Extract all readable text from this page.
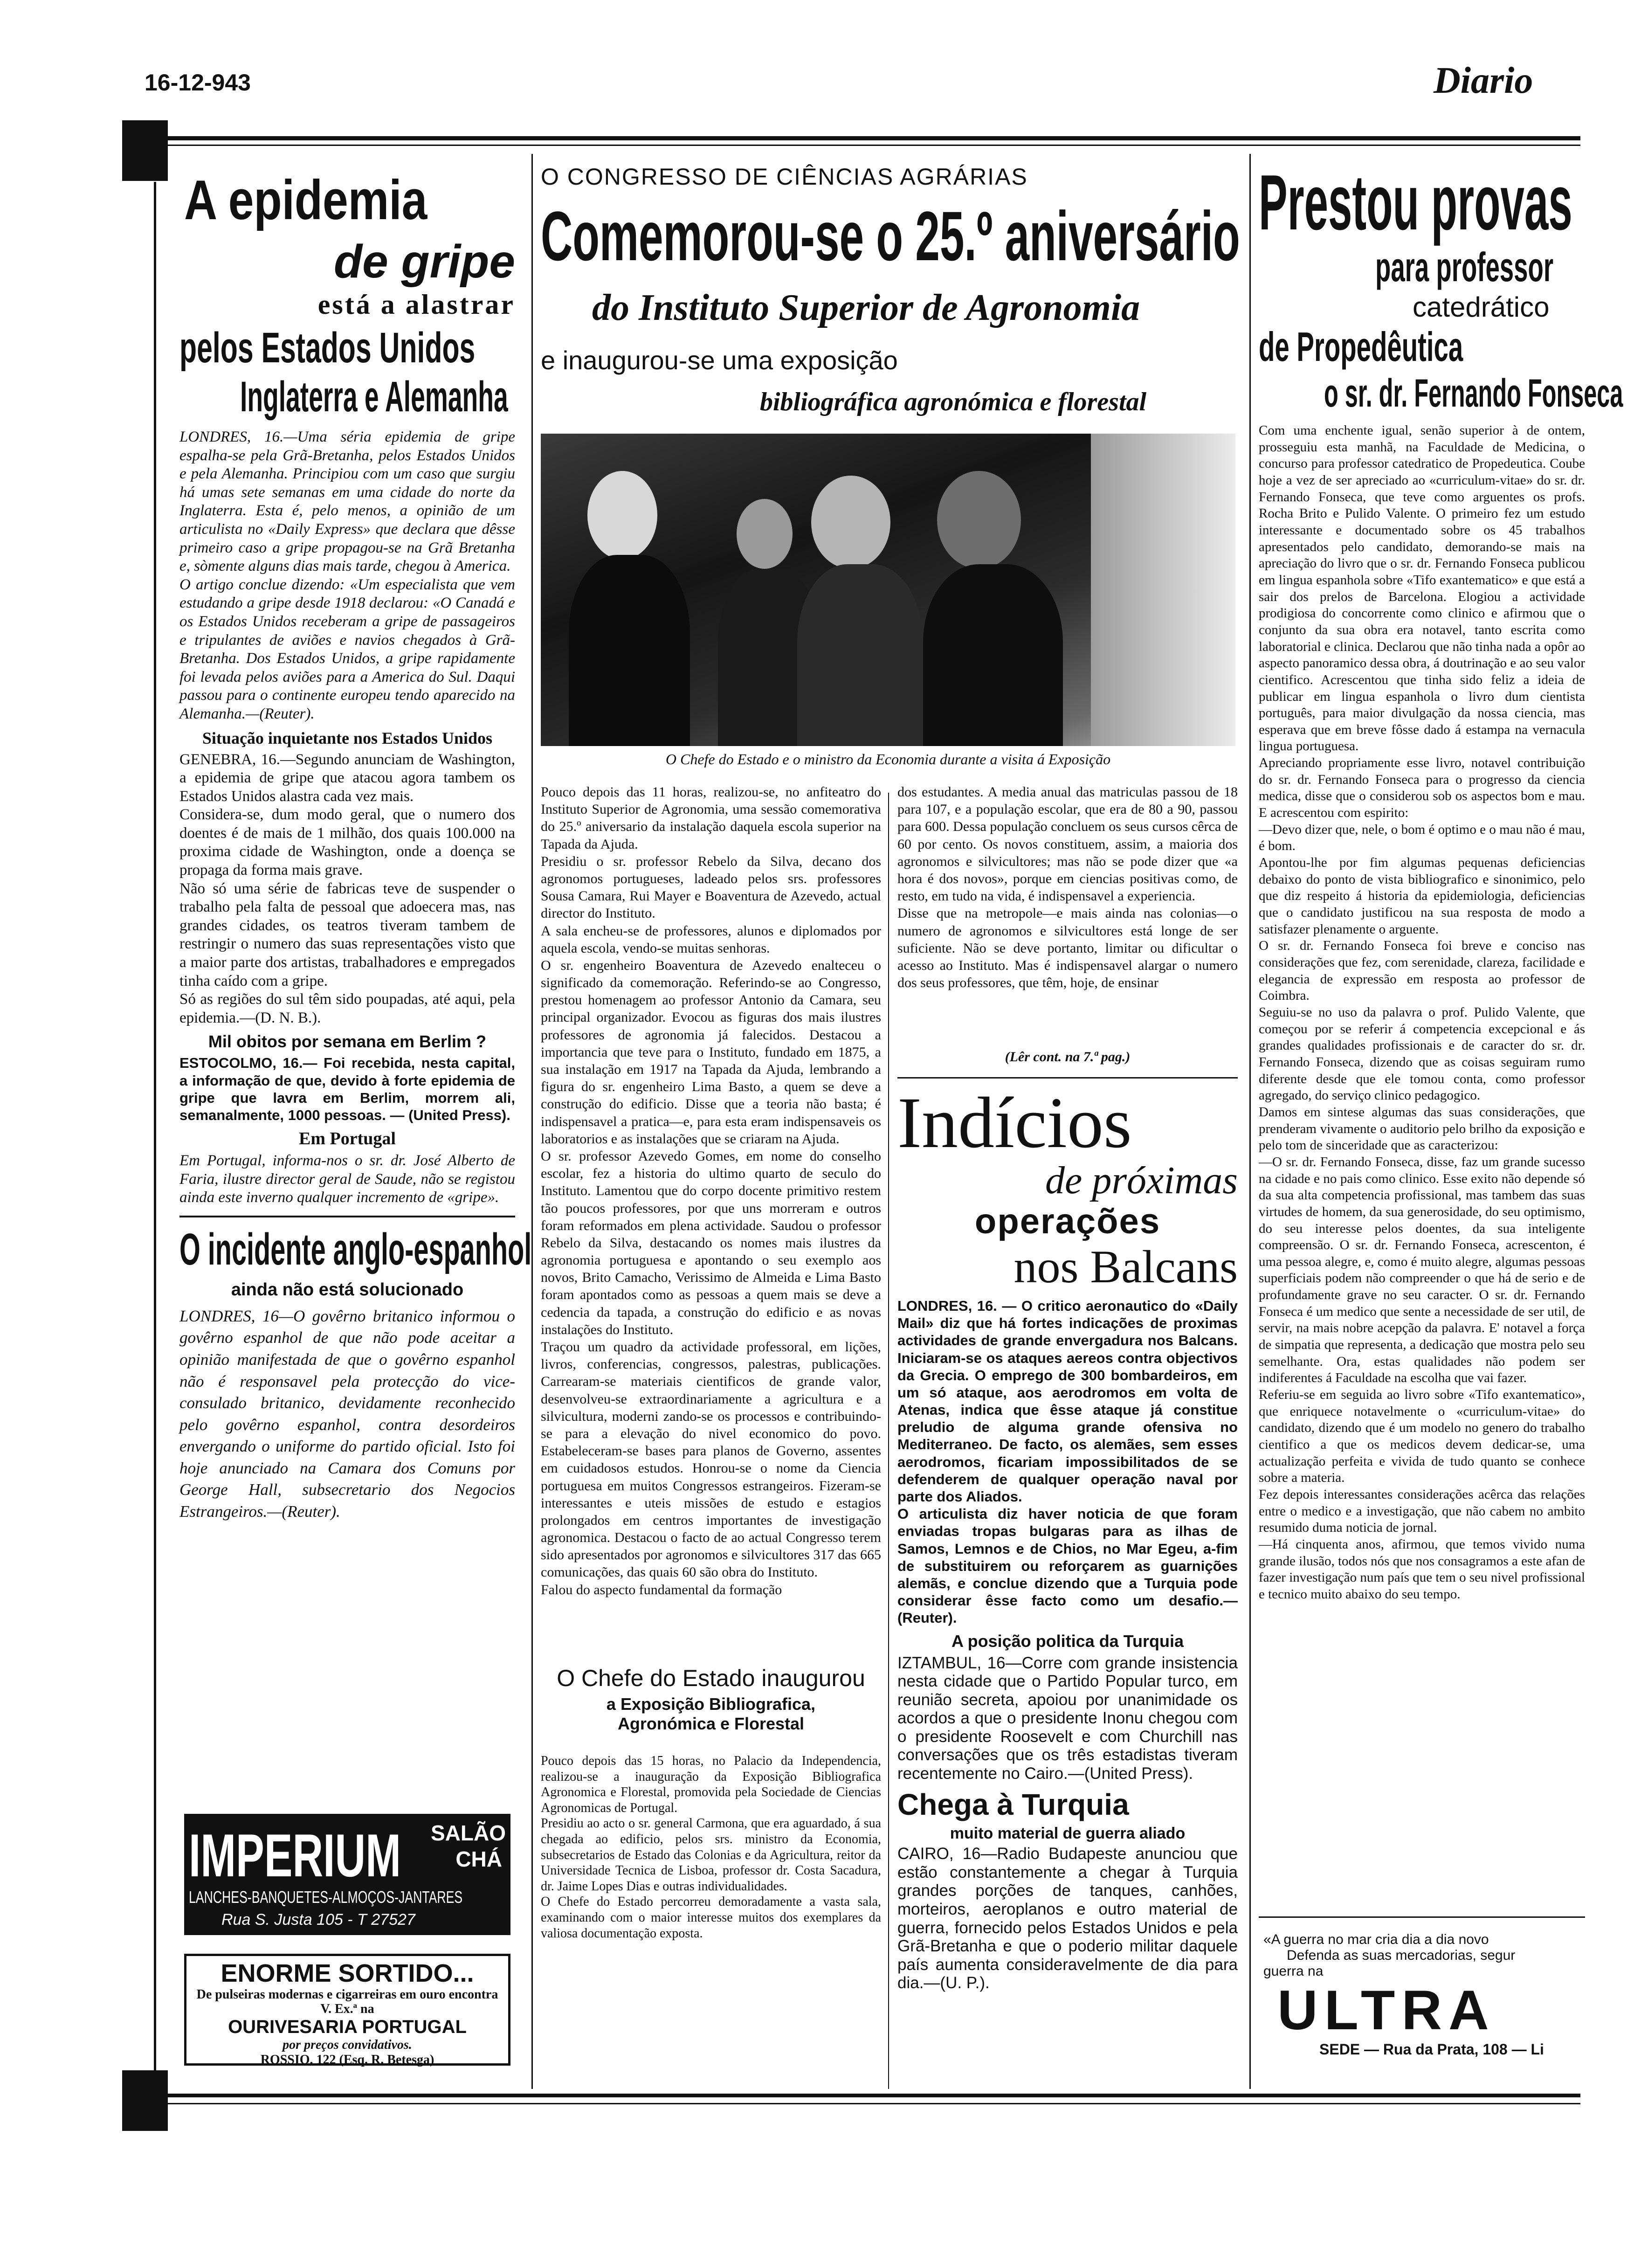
16-12-943	Diario
A epidemia
de gripe
está a alastrar
pelos Estados Unidos
Inglaterra e Alemanha
LONDRES, 16.—Uma séria epidemia de gripe espalha-se pela Grã-Bretanha, pelos Estados Unidos e pela Alemanha. Principiou com um caso que surgiu há umas sete semanas em uma cidade do norte da Inglaterra. Esta é, pelo menos, a opinião de um articulista no «Daily Express» que declara que dêsse primeiro caso a gripe propagou-se na Grã Bretanha e, sòmente alguns dias mais tarde, chegou à America.
O artigo conclue dizendo: «Um especialista que vem estudando a gripe desde 1918 declarou: «O Canadá e os Estados Unidos receberam a gripe de passageiros e tripulantes de aviões e navios chegados à Grã-Bretanha. Dos Estados Unidos, a gripe rapidamente foi levada pelos aviões para a America do Sul. Daqui passou para o continente europeu tendo aparecido na Alemanha.—(Reuter).
Situação inquietante nos Estados Unidos
GENEBRA, 16.—Segundo anunciam de Washington, a epidemia de gripe que atacou agora tambem os Estados Unidos alastra cada vez mais.
Considera-se, dum modo geral, que o numero dos doentes é de mais de 1 milhão, dos quais 100.000 na proxima cidade de Washington, onde a doença se propaga da forma mais grave.
Não só uma série de fabricas teve de suspender o trabalho pela falta de pessoal que adoecera mas, nas grandes cidades, os teatros tiveram tambem de restringir o numero das suas representações visto que a maior parte dos artistas, trabalhadores e empregados tinha caído com a gripe.
Só as regiões do sul têm sido poupadas, até aqui, pela epidemia.—(D. N. B.).
Mil obitos por semana em Berlim ?
ESTOCOLMO, 16.— Foi recebida, nesta capital, a informação de que, devido à forte epidemia de gripe que lavra em Berlim, morrem ali, semanalmente, 1000 pessoas. — (United Press).
Em Portugal
Em Portugal, informa-nos o sr. dr. José Alberto de Faria, ilustre director geral de Saude, não se registou ainda este inverno qualquer incremento de «gripe».
O incidente anglo-espanhol
ainda não está solucionado
LONDRES, 16—O govêrno britanico informou o govêrno espanhol de que não pode aceitar a opinião manifestada de que o govêrno espanhol não é responsavel pela protecção do vice-consulado britanico, devidamente reconhecido pelo govêrno espanhol, contra desordeiros envergando o uniforme do partido oficial. Isto foi hoje anunciado na Camara dos Comuns por George Hall, subsecretario dos Negocios Estrangeiros.—(Reuter).
IMPERIUM SALÃO
CHÁ
LANCHES-BANQUETES-ALMOÇOS-JANTARES
Rua S. Justa 105 - T 27527
ENORME SORTIDO...
De pulseiras modernas e cigarreiras em ouro encontra V. Ex.ª na
OURIVESARIA PORTUGAL
por preços convidativos.
ROSSIO, 122 (Esq. R. Betesga)
O CONGRESSO DE CIÊNCIAS AGRÁRIAS
Comemorou-se o 25.º aniversário
do Instituto Superior de Agronomia
e inaugurou-se uma exposição
bibliográfica agronómica e florestal
O Chefe do Estado e o ministro da Economia durante a visita á Exposição
Pouco depois das 11 horas, realizou-se, no anfiteatro do Instituto Superior de Agronomia, uma sessão comemorativa do 25.º aniversario da instalação daquela escola superior na Tapada da Ajuda.
Presidiu o sr. professor Rebelo da Silva, decano dos agronomos portugueses, ladeado pelos srs. professores Sousa Camara, Rui Mayer e Boaventura de Azevedo, actual director do Instituto.
A sala encheu-se de professores, alunos e diplomados por aquela escola, vendo-se muitas senhoras.
O sr. engenheiro Boaventura de Azevedo enalteceu o significado da comemoração. Referindo-se ao Congresso, prestou homenagem ao professor Antonio da Camara, seu principal organizador. Evocou as figuras dos mais ilustres professores de agronomia já falecidos. Destacou a importancia que teve para o Instituto, fundado em 1875, a sua instalação em 1917 na Tapada da Ajuda, lembrando a figura do sr. engenheiro Lima Basto, a quem se deve a construção do edificio. Disse que a teoria não basta; é indispensavel a pratica—e, para esta eram indispensaveis os laboratorios e as instalações que se criaram na Ajuda.
O sr. professor Azevedo Gomes, em nome do conselho escolar, fez a historia do ultimo quarto de seculo do Instituto. Lamentou que do corpo docente primitivo restem tão poucos professores, por que uns morreram e outros foram reformados em plena actividade. Saudou o professor Rebelo da Silva, destacando os nomes mais ilustres da agronomia portuguesa e apontando o seu exemplo aos novos, Brito Camacho, Verissimo de Almeida e Lima Basto foram apontados como as pessoas a quem mais se deve a cedencia da tapada, a construção do edificio e as novas instalações do Instituto.
Traçou um quadro da actividade professoral, em lições, livros, conferencias, congressos, palestras, publicações. Carrearam-se materiais cientificos de grande valor, desenvolveu-se extraordinariamente a agricultura e a silvicultura, moderni zando-se os processos e contribuindo-se para a elevação do nivel economico do povo. Estabeleceram-se bases para planos de Governo, assentes em cuidadosos estudos. Honrou-se o nome da Ciencia portuguesa em muitos Congressos estrangeiros. Fizeram-se interessantes e uteis missões de estudo e estagios prolongados em centros importantes de investigação agronomica. Destacou o facto de ao actual Congresso terem sido apresentados por agronomos e silvicultores 317 das 665 comunicações, das quais 60 são obra do Instituto.
Falou do aspecto fundamental da formação
O Chefe do Estado inaugurou
a Exposição Bibliografica,
Agronómica e Florestal
Pouco depois das 15 horas, no Palacio da Independencia, realizou-se a inauguração da Exposição Bibliografica Agronomica e Florestal, promovida pela Sociedade de Ciencias Agronomicas de Portugal.
Presidiu ao acto o sr. general Carmona, que era aguardado, á sua chegada ao edificio, pelos srs. ministro da Economia, subsecretarios de Estado das Colonias e da Agricultura, reitor da Universidade Tecnica de Lisboa, professor dr. Costa Sacadura, dr. Jaime Lopes Dias e outras individualidades.
O Chefe do Estado percorreu demoradamente a vasta salа, examinando com o maior interesse muitos dos exemplares da valiosa documentação exposta.
dos estudantes. A media anual das matriculas passou de 18 para 107, e a população escolar, que era de 80 a 90, passou para 600. Dessa população concluem os seus cursos cêrca de 60 por cento. Os novos constituem, assim, a maioria dos agronomos e silvicultores; mas não se pode dizer que «a hora é dos novos», porque em ciencias positivas como, de resto, em tudo na vida, é indispensavel a experiencia.
Disse que na metropole—e mais ainda nas colonias—o numero de agronomos e silvicultores está longe de ser suficiente. Não se deve portanto, limitar ou dificultar o acesso ao Instituto. Mas é indispensavel alargar o numero dos seus professores, que têm, hoje, de ensinar
(Lêr cont. na 7.ª pag.)
Indícios
de próximas
operações
nos Balcans
LONDRES, 16. — O critico aeronautico do «Daily Mail» diz que há fortes indicações de proximas actividades de grande envergadura nos Balcans. Iniciaram-se os ataques aereos contra objectivos da Grecia. O emprego de 300 bombardeiros, em um só ataque, aos aerodromos em volta de Atenas, indica que êsse ataque já constitue preludio de alguma grande ofensiva no Mediterraneo. De facto, os alemães, sem esses aerodromos, ficariam impossibilitados de se defenderem de qualquer operação naval por parte dos Aliados.
O articulista diz haver noticia de que foram enviadas tropas bulgaras para as ilhas de Samos, Lemnos e de Chios, no Mar Egeu, a-fim de substituirem ou reforçarem as guarnições alemãs, e conclue dizendo que a Turquia pode considerar êsse facto como um desafio.—(Reuter).
A posição politica da Turquia
IZTAMBUL, 16—Corre com grande insistencia nesta cidade que o Partido Popular turco, em reunião secreta, apoiou por unanimidade os acordos a que o presidente Inonu chegou com o presidente Roosevelt e com Churchill nas conversações que os três estadistas tiveram recentemente no Cairo.—(United Press).
Chega à Turquia
muito material de guerra aliado
CAIRO, 16—Radio Budapeste anunciou que estão constantemente a chegar à Turquia grandes porções de tanques, canhões, morteiros, aeroplanos e outro material de guerra, fornecido pelos Estados Unidos e pela Grã-Bretanha e que o poderio militar daquele país aumenta consideravelmente de dia para dia.—(U. P.).
Prestou provas
para professor
catedrático
de Propedêutica
o sr. dr. Fernando Fonseca
Com uma enchente igual, senão superior à de ontem, prosseguiu esta manhã, na Faculdade de Medicina, o concurso para professor catedratico de Propedeutica. Coube hoje a vez de ser apreciado ao «curriculum-vitae» do sr. dr. Fernando Fonseca, que teve como arguentes os profs. Rocha Brito e Pulido Valente. O primeiro fez um estudo interessante e documentado sobre os 45 trabalhos apresentados pelo candidato, demorando-se mais na apreciação do livro que o sr. dr. Fernando Fonseca publicou em lingua espanhola sobre «Tifo exantematico» e que está a sair dos prelos de Barcelona. Elogiou a actividade prodigiosa do concorrente como clinico e afirmou que o conjunto da sua obra era notavel, tanto escrita como laboratorial e clinica. Declarou que não tinha nada a opôr ao aspecto panoramico dessa obra, á doutrinação e ao seu valor cientifico. Acrescentou que tinha sido feliz a ideia de publicar em lingua espanhola o livro dum cientista português, para maior divulgação da nossa ciencia, mas esperava que em breve fôsse dado á estampa na vernacula lingua portuguesa.
Apreciando propriamente esse livro, notavel contribuição do sr. dr. Fernando Fonseca para o progresso da ciencia medica, disse que o considerou sob os aspectos bom e mau. E acrescentou com espirito:
—Devo dizer que, nele, o bom é optimo e o mau não é mau, é bom.
Apontou-lhe por fim algumas pequenas deficiencias debaixo do ponto de vista bibliografico e sinonimico, pelo que diz respeito á historia da epidemiologia, deficiencias que o candidato justificou na sua resposta de modo a satisfazer plenamente o arguente.
O sr. dr. Fernando Fonseca foi breve e conciso nas considerações que fez, com serenidade, clareza, facilidade e elegancia de expressão em resposta ao professor de Coimbra.
Seguiu-se no uso da palavra o prof. Pulido Valente, que começou por se referir á competencia excepcional e ás grandes qualidades profissionais e de caracter do sr. dr. Fernando Fonseca, dizendo que as coisas seguiram rumo diferente desde que ele tomou conta, como professor agregado, do serviço clinico pedagogico.
Damos em sintese algumas das suas considerações, que prenderam vivamente o auditorio pelo brilho da exposição e pelo tom de sinceridade que as caracterizou:
—O sr. dr. Fernando Fonseca, disse, faz um grande sucesso na cidade e no pais como clinico. Esse exito não depende só da sua alta competencia profissional, mas tambem das suas virtudes de homem, da sua generosidade, do seu optimismo, do seu interesse pelos doentes, da sua inteligente compreensão. O sr. dr. Fernando Fonseca, acrescenton, é uma pessoa alegre, e, como é muito alegre, algumas pessoas superficiais podem não compreender o que há de serio e de profundamente grave no seu caracter. O sr. dr. Fernando Fonseca é um medico que sente a necessidade de ser util, de servir, na mais nobre acepção da palavra. E' notavel a força de simpatia que representa, a dedicação que mostra pelo seu semelhante. Ora, estas qualidades não podem ser indiferentes á Faculdade na escolha que vai fazer.
Referiu-se em seguida ao livro sobre «Tifo exantematico», que enriquece notavelmente o «curriculum-vitae» do candidato, dizendo que é um modelo no genero do trabalho cientifico a que os medicos devem dedicar-se, uma actualização perfeita e vivida de tudo quanto se conhece sobre a materia.
Fez depois interessantes considerações acêrca das relações entre o medico e a investigação, que não cabem no ambito resumido duma noticia de jornal.
—Há cinquenta anos, afirmou, que temos vivido numa grande ilusão, todos nós que nos consagramos a este afan de fazer investigação num país que tem o seu nivel profissional e tecnico muito abaixo do seu tempo.
«A guerra no mar cria dia a dia novo
Defenda as suas mercadorias, segur
guerra na
ULTRA
SEDE — Rua da Prata, 108 — Li
